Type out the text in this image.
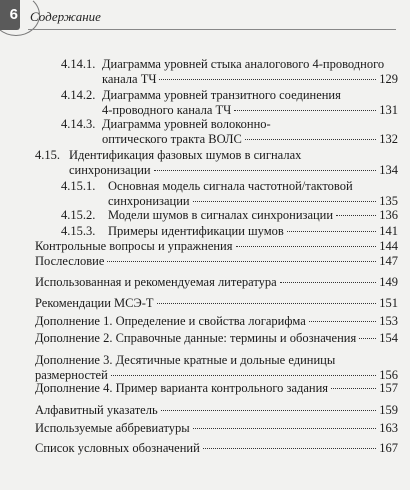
6 Содержание
4.14.1. Диаграмма уровней стыка аналогового 4-проводного
канала ТЧ	129
4.14.2. Диаграмма уровней транзитного соединения
4-проводного канала ТЧ	131
4.14.3. Диаграмма уровней волоконно-
оптического тракта ВОЛС	132
4.15. Идентификация фазовых шумов в сигналах
синхронизации	134
4.15.1. Основная модель сигнала частотной/тактовой
синхронизации	135
4.15.2.	Модели шумов в сигналах синхронизации	136
4.15.3.	Примеры идентификации шумов	141
Контрольные вопросы и упражнения	144
Послесловие	147
Использованная и рекомендуемая литература	149
Рекомендации МСЭ-Т	151
Дополнение 1. Определение и свойства логарифма	153
Дополнение 2. Справочные данные: термины и обозначения 154
Дополнение 3. Десятичные кратные и дольные единицы
размерностей	156
Дополнение 4. Пример варианта контрольного задания	157
Алфавитный указатель	159
Используемые аббревиатуры	163
Список условных обозначений	167
